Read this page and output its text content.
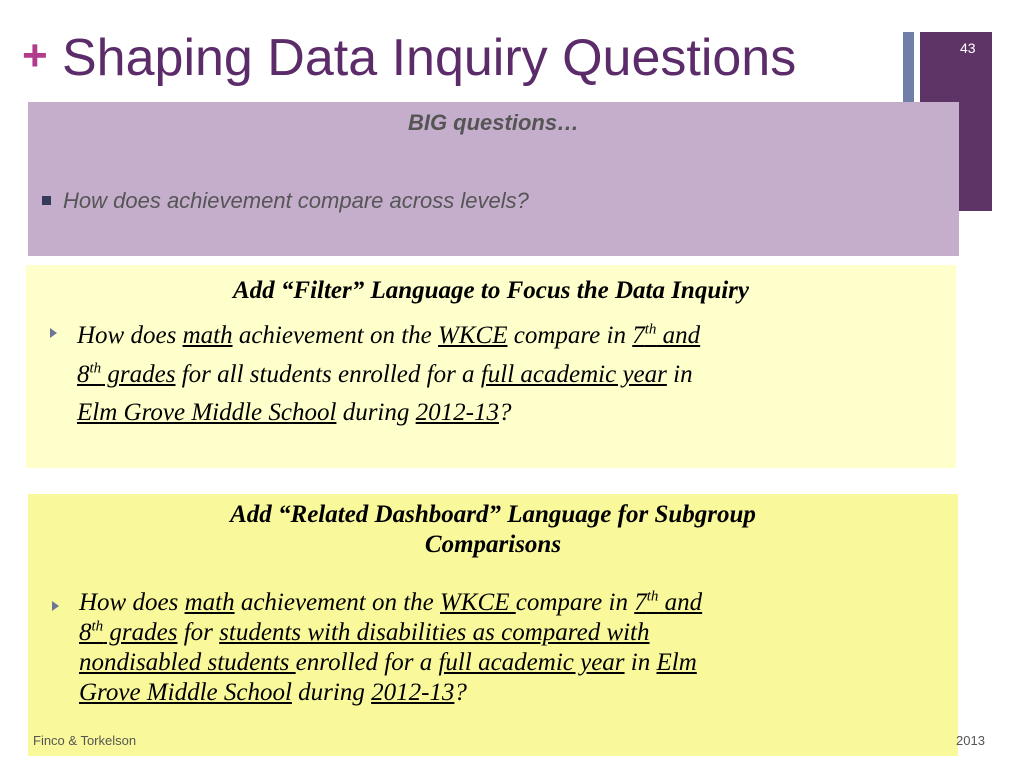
+ Shaping Data Inquiry Questions	43
BIG questions…
How does achievement compare across levels?
Add “Filter” Language to Focus the Data Inquiry
How does math achievement on the WKCE compare in 7th and
8th grades for all students enrolled for a full academic year in
Elm Grove Middle School during 2012-13?
Add “Related Dashboard” Language for Subgroup
Comparisons
How does math achievement on the WKCE compare in 7th and
8th grades for students with disabilities as compared with
nondisabled students enrolled for a full academic year in Elm
Grove Middle School during 2012-13?
Finco & Torkelson	2013
